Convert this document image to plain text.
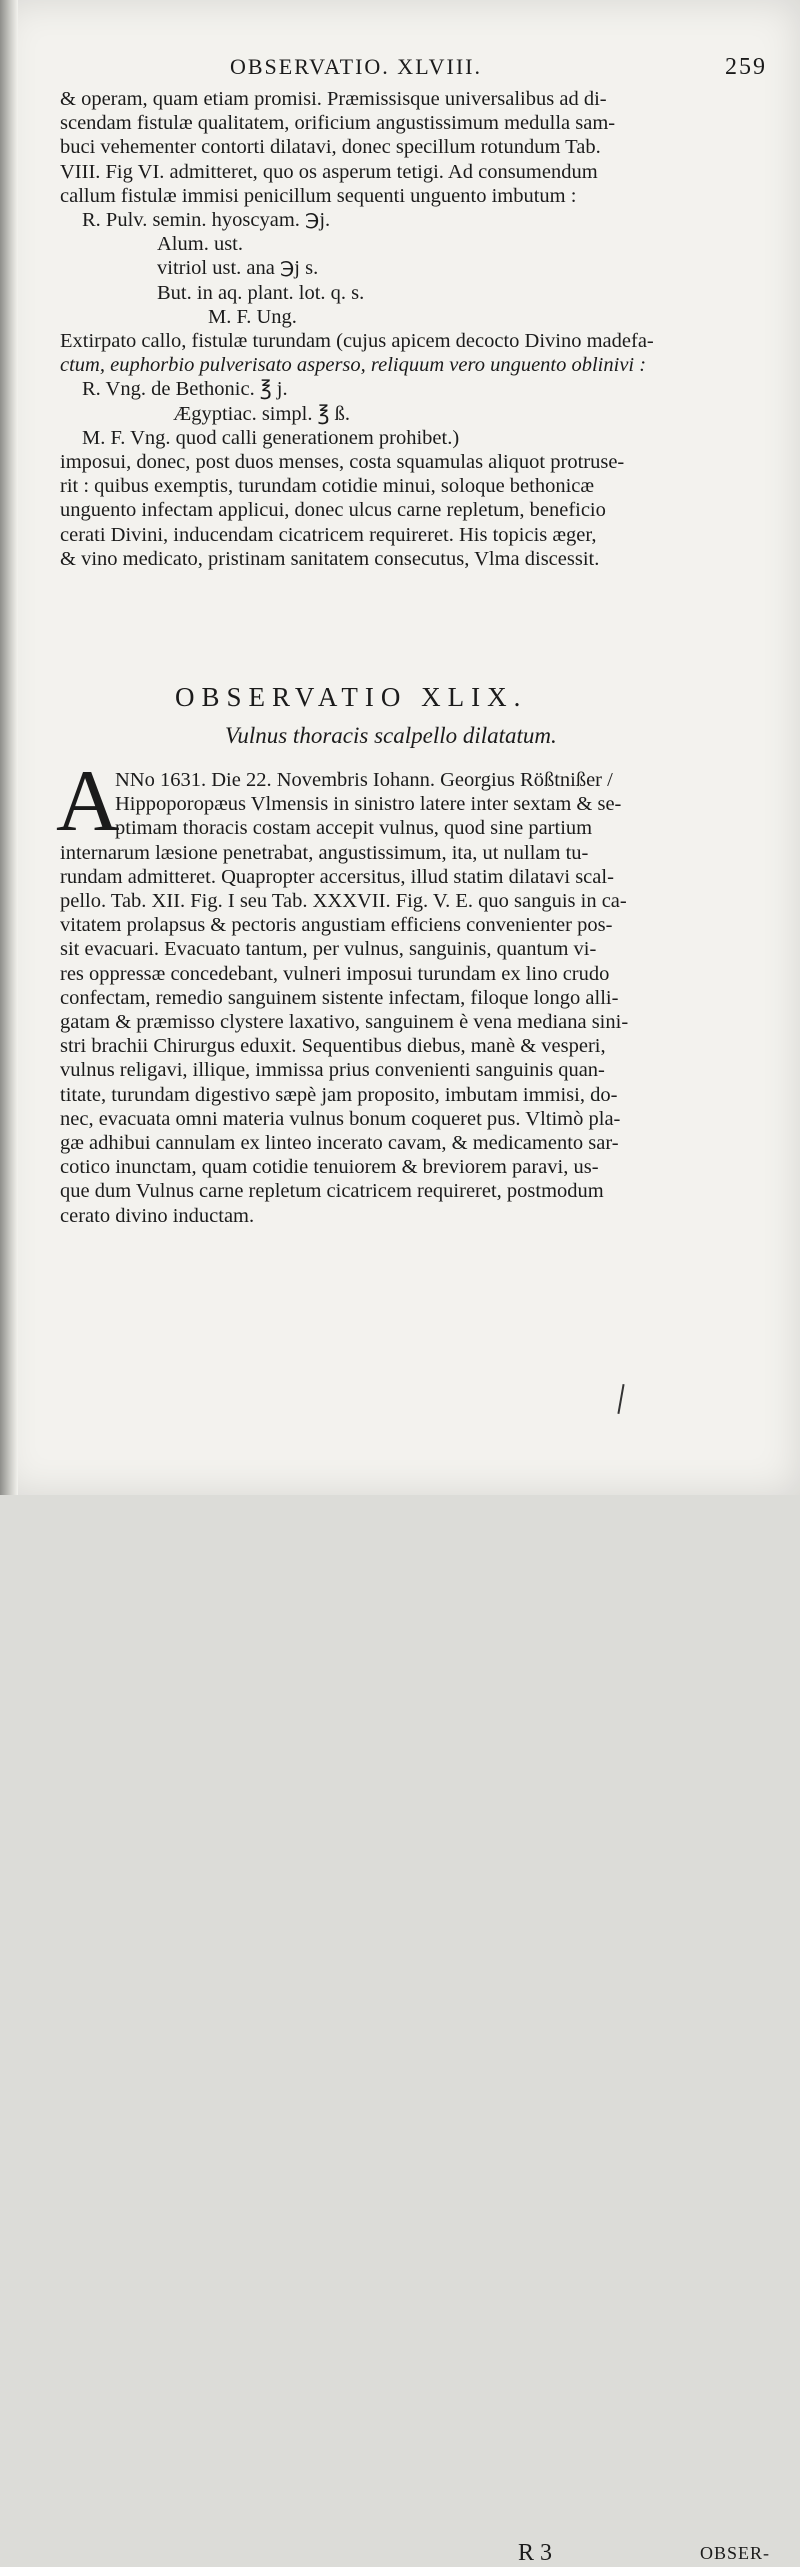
OBSERVATIO. XLVIII.	259
& operam, quam etiam promisi. Præmissisque universalibus ad di-
scendam fistulæ qualitatem, orificium angustissimum medulla sam-
buci vehementer contorti dilatavi, donec specillum rotundum Tab.
VIII. Fig VI. admitteret, quo os asperum tetigi. Ad consumendum
callum fistulæ immisi penicillum sequenti unguento imbutum :
R. Pulv. semin. hyoscyam. ℈j.
Alum. ust.
vitriol ust. ana ℈j s.
But. in aq. plant. lot. q. s.
M. F. Ung.
Extirpato callo, fistulæ turundam (cujus apicem decocto Divino madefa-
ctum, euphorbio pulverisato asperso, reliquum vero unguento oblinivi :
R. Vng. de Bethonic. ℥ j.
Ægyptiac. simpl. ℥ ß.
M. F. Vng. quod calli generationem prohibet.)
imposui, donec, post duos menses, costa squamulas aliquot protruse-
rit : quibus exemptis, turundam cotidie minui, soloque bethonicæ
unguento infectam applicui, donec ulcus carne repletum, beneficio
cerati Divini, inducendam cicatricem requireret. His topicis æger,
& vino medicato, pristinam sanitatem consecutus, Vlma discessit.
OBSERVATIO XLIX.
Vulnus thoracis scalpello dilatatum.
A
NNo 1631. Die 22. Novembris Iohann. Georgius Rößtnißer /
Hippoporopæus Vlmensis in sinistro latere inter sextam & se-
ptimam thoracis costam accepit vulnus, quod sine partium
internarum læsione penetrabat, angustissimum, ita, ut nullam tu-
rundam admitteret. Quapropter accersitus, illud statim dilatavi scal-
pello. Tab. XII. Fig. I seu Tab. XXXVII. Fig. V. E. quo sanguis in ca-
vitatem prolapsus & pectoris angustiam efficiens convenienter pos-
sit evacuari. Evacuato tantum, per vulnus, sanguinis, quantum vi-
res oppressæ concedebant, vulneri imposui turundam ex lino crudo
confectam, remedio sanguinem sistente infectam, filoque longo alli-
gatam & præmisso clystere laxativo, sanguinem è vena mediana sini-
stri brachii Chirurgus eduxit. Sequentibus diebus, manè & vesperi,
vulnus religavi, illique, immissa prius convenienti sanguinis quan-
titate, turundam digestivo sæpè jam proposito, imbutam immisi, do-
nec, evacuata omni materia vulnus bonum coqueret pus. Vltimò pla-
gæ adhibui cannulam ex linteo incerato cavam, & medicamento sar-
cotico inunctam, quam cotidie tenuiorem & breviorem paravi, us-
que dum Vulnus carne repletum cicatricem requireret, postmodum
cerato divino inductam.
R 3	OBSER-
